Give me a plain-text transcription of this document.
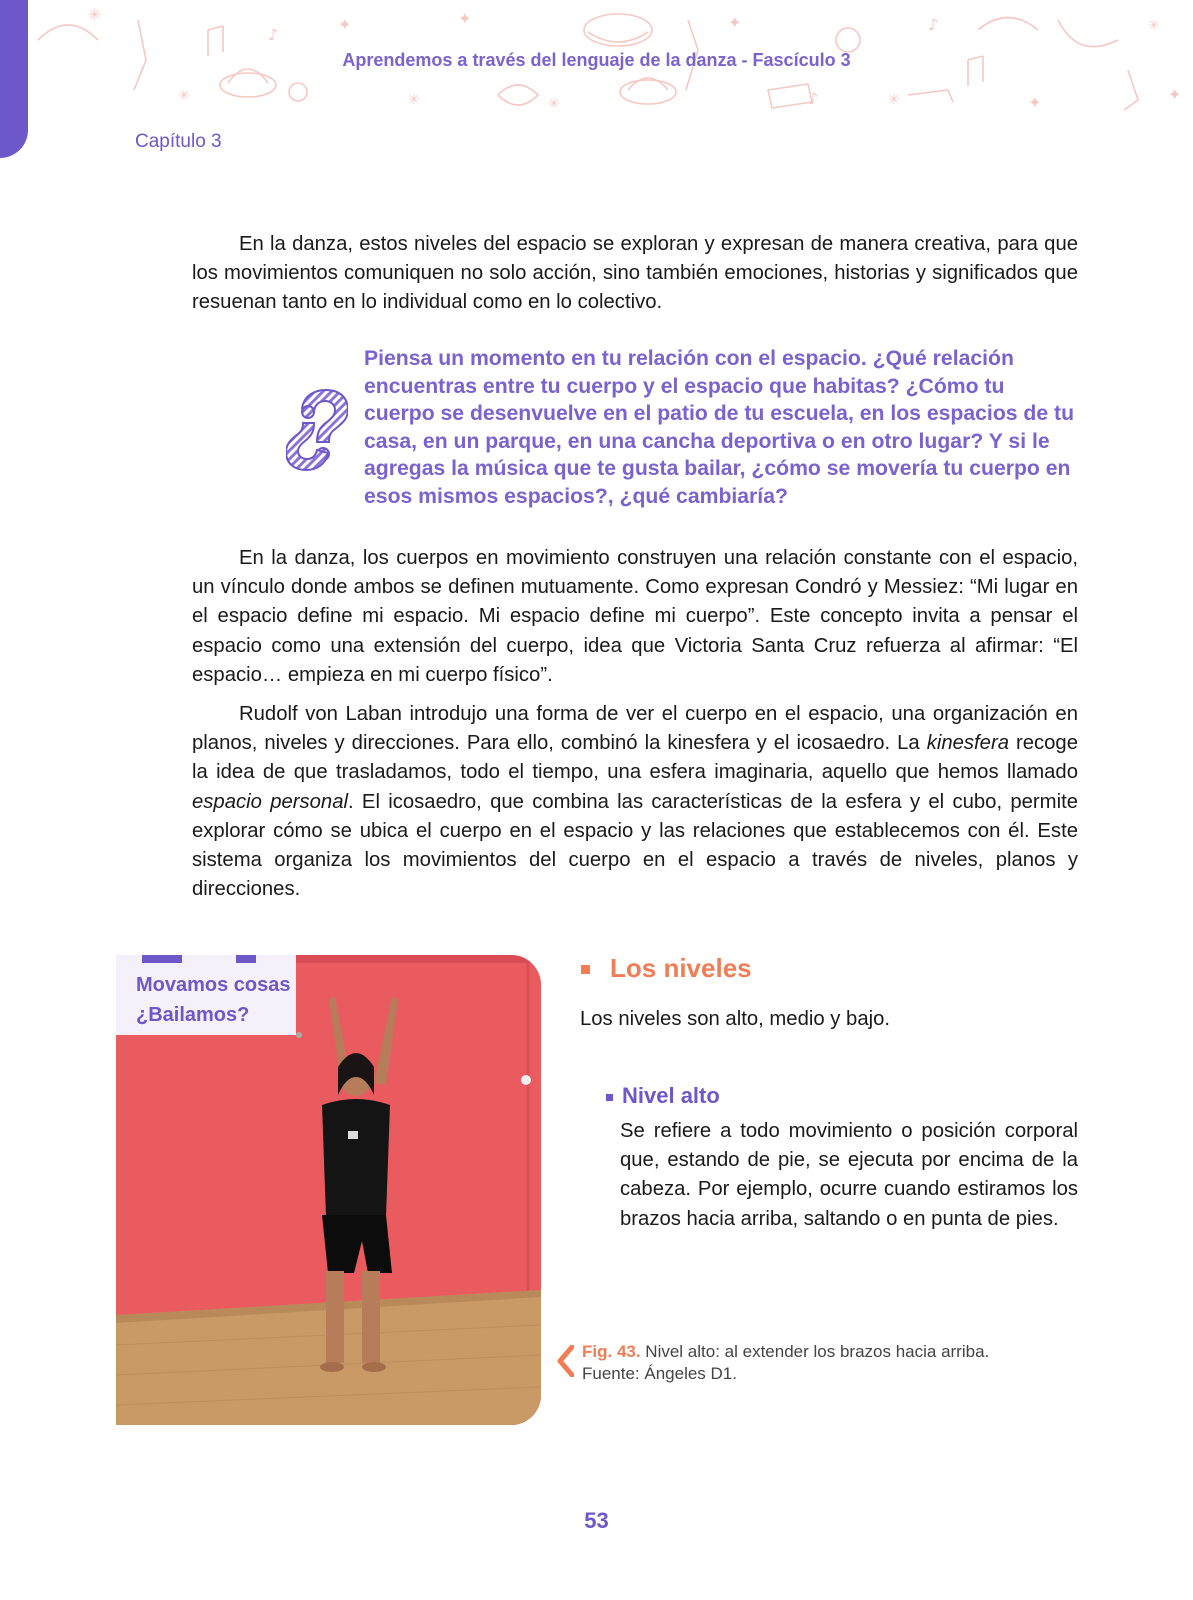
✳
✳
✦
✳
✦
✳
✦
✳	✦
✳
✦
♪
♪
♪
Aprendemos a través del lenguaje de la danza - Fascículo 3
Capítulo 3

En la danza, estos niveles del espacio se exploran y expresan de manera creativa, para que los movimientos comuniquen no solo acción, sino también emociones, historias y significados que resuenan tanto en lo individual como en lo colectivo.

Piensa un momento en tu relación con el espacio. ¿Qué relación encuentras entre tu cuerpo y el espacio que habitas? ¿Cómo tu cuerpo se desenvuelve en el patio de tu escuela, en los espacios de tu casa, en un parque, en una cancha deportiva o en otro lugar? Y si le agregas la música que te gusta bailar, ¿cómo se movería tu cuerpo en esos mismos espacios?, ¿qué cambiaría?

En la danza, los cuerpos en movimiento construyen una relación constante con el espacio, un vínculo donde ambos se definen mutuamente. Como expresan Condró y Messiez: “Mi lugar en el espacio define mi espacio. Mi espacio define mi cuerpo”. Este concepto invita a pensar el espacio como una extensión del cuerpo, idea que Victoria Santa Cruz refuerza al afirmar: “El espacio… empieza en mi cuerpo físico”.

Rudolf von Laban introdujo una forma de ver el cuerpo en el espacio, una organización en planos, niveles y direcciones. Para ello, combinó la kinesfera y el icosaedro. La kinesfera recoge la idea de que trasladamos, todo el tiempo, una esfera imaginaria, aquello que hemos llamado espacio personal. El icosaedro, que combina las características de la esfera y el cubo, permite explorar cómo se ubica el cuerpo en el espacio y las relaciones que establecemos con él. Este sistema organiza los movimientos del cuerpo en el espacio a través de niveles, planos y direcciones.

Movamos cosas
¿Bailamos?
Los niveles
Los niveles son alto, medio y bajo.
Nivel alto

Se refiere a todo movimiento o posición corporal que, estando de pie, se ejecuta por encima de la cabeza. Por ejemplo, ocurre cuando estiramos los brazos hacia arriba, saltando o en punta de pies.

Fig. 43. Nivel alto: al extender los brazos hacia arriba. Fuente: Ángeles D1.

53
